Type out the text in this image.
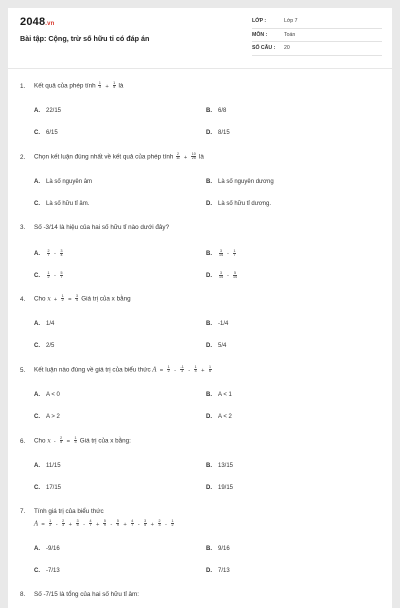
2048.vn
Bài tập: Cộng, trừ số hữu tỉ có đáp án
LỚP :	Lớp 7
MÔN :	Toán
SỐ CÂU : 20
1. Kết quả của phép tính $\frac{1}{3} + \frac{1}{5}$ là
A. 22/15	B. 6/8
C. 6/15	D. 8/15
2. Chọn kết luận đúng nhất về kết quả của phép tính $\frac{2}{11} + \frac{10}{25}$ là
A. Là số nguyên âm	B. Là số nguyên dương
C. Là số hữu tỉ âm.	D. Là số hữu tỉ dương.
3. Số -3/14 là hiệu của hai số hữu tỉ nào dưới đây?
A. $\frac{2}{7} - \frac{3}{4}$	B. $\frac{3}{14} - \frac{1}{7}$
C. $\frac{1}{2} - \frac{5}{7}$	D. $\frac{3}{14} - \frac{5}{14}$
4. Cho $x + \frac{1}{2} = \frac{3}{4}$ Giá trị của x bằng
A. 1/4	B. -1/4
C. 2/5	D. 5/4
5. Kết luận nào đúng về giá trị của biểu thức $A = \frac{1}{2} - \frac{-1}{3} - \frac{1}{4} + \frac{1}{6}$
A. A < 0	B. A < 1
C. A > 2	D. A < 2
6. Cho $x - \frac{2}{5} = \frac{1}{3}$ Giá trị của x bằng:
A. 11/15	B. 13/15
C. 17/15	D. 19/15
7. Tính giá trị của biểu thức
$A = \frac{1}{2} - \frac{2}{3} + \frac{3}{5} - \frac{4}{7} + \frac{5}{9} - \frac{5}{9} + \frac{4}{7} - \frac{3}{5} + \frac{2}{3} - \frac{1}{2}$
A. -9/16	B. 9/16
C. -7/13	D. 7/13
8. Số -7/15 là tổng của hai số hữu tỉ âm:
